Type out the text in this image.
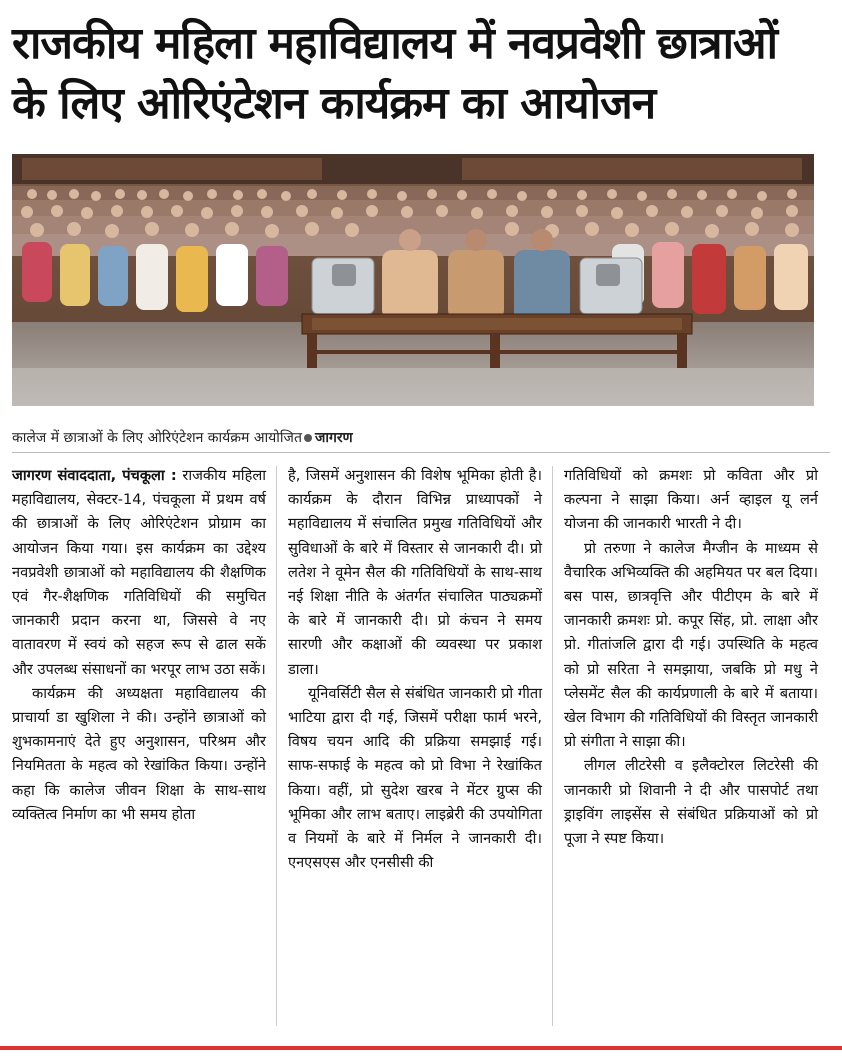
राजकीय महिला महाविद्यालय में नवप्रवेशी छात्राओं
के लिए ओरिएंटेशन कार्यक्रम का आयोजन
कालेज में छात्राओं के लिए ओरिएंटेशन कार्यक्रम आयोजित जागरण

जागरण संवाददाता, पंचकूला : राजकीय महिला महाविद्यालय, सेक्टर-14, पंचकूला में प्रथम वर्ष की छात्राओं के लिए ओरिएंटेशन प्रोग्राम का आयोजन किया गया। इस कार्यक्रम का उद्देश्य नवप्रवेशी छात्राओं को महाविद्यालय की शैक्षणिक एवं गैर-शैक्षणिक गतिविधियों की समुचित जानकारी प्रदान करना था, जिससे वे नए वातावरण में स्वयं को सहज रूप से ढाल सकें और उपलब्ध संसाधनों का भरपूर लाभ उठा सकें।

कार्यक्रम की अध्यक्षता महाविद्यालय की प्राचार्या डा खुशिला ने की। उन्होंने छात्राओं को शुभकामनाएं देते हुए अनुशासन, परिश्रम और नियमितता के महत्व को रेखांकित किया। उन्होंने कहा कि कालेज जीवन शिक्षा के साथ-साथ व्यक्तित्व निर्माण का भी समय होता

है, जिसमें अनुशासन की विशेष भूमिका होती है। कार्यक्रम के दौरान विभिन्न प्राध्यापकों ने महाविद्यालय में संचालित प्रमुख गतिविधियों और सुविधाओं के बारे में विस्तार से जानकारी दी। प्रो लतेश ने वूमेन सैल की गतिविधियों के साथ-साथ नई शिक्षा नीति के अंतर्गत संचालित पाठ्यक्रमों के बारे में जानकारी दी। प्रो कंचन ने समय सारणी और कक्षाओं की व्यवस्था पर प्रकाश डाला।

यूनिवर्सिटी सैल से संबंधित जानकारी प्रो गीता भाटिया द्वारा दी गई, जिसमें परीक्षा फार्म भरने, विषय चयन आदि की प्रक्रिया समझाई गई। साफ-सफाई के महत्व को प्रो विभा ने रेखांकित किया। वहीं, प्रो सुदेश खरब ने मेंटर ग्रुप्स की भूमिका और लाभ बताए। लाइब्रेरी की उपयोगिता व नियमों के बारे में निर्मल ने जानकारी दी। एनएसएस और एनसीसी की

गतिविधियों को क्रमशः प्रो कविता और प्रो कल्पना ने साझा किया। अर्न व्हाइल यू लर्न योजना की जानकारी भारती ने दी।

प्रो तरुणा ने कालेज मैग्जीन के माध्यम से वैचारिक अभिव्यक्ति की अहमियत पर बल दिया। बस पास, छात्रवृत्ति और पीटीएम के बारे में जानकारी क्रमशः प्रो. कपूर सिंह, प्रो. लाक्षा और प्रो. गीतांजलि द्वारा दी गई। उपस्थिति के महत्व को प्रो सरिता ने समझाया, जबकि प्रो मधु ने प्लेसमेंट सैल की कार्यप्रणाली के बारे में बताया। खेल विभाग की गतिविधियों की विस्तृत जानकारी प्रो संगीता ने साझा की।

लीगल लीटरेसी व इलैक्टोरल लिटरेसी की जानकारी प्रो शिवानी ने दी और पासपोर्ट तथा ड्राइविंग लाइसेंस से संबंधित प्रक्रियाओं को प्रो पूजा ने स्पष्ट किया।
